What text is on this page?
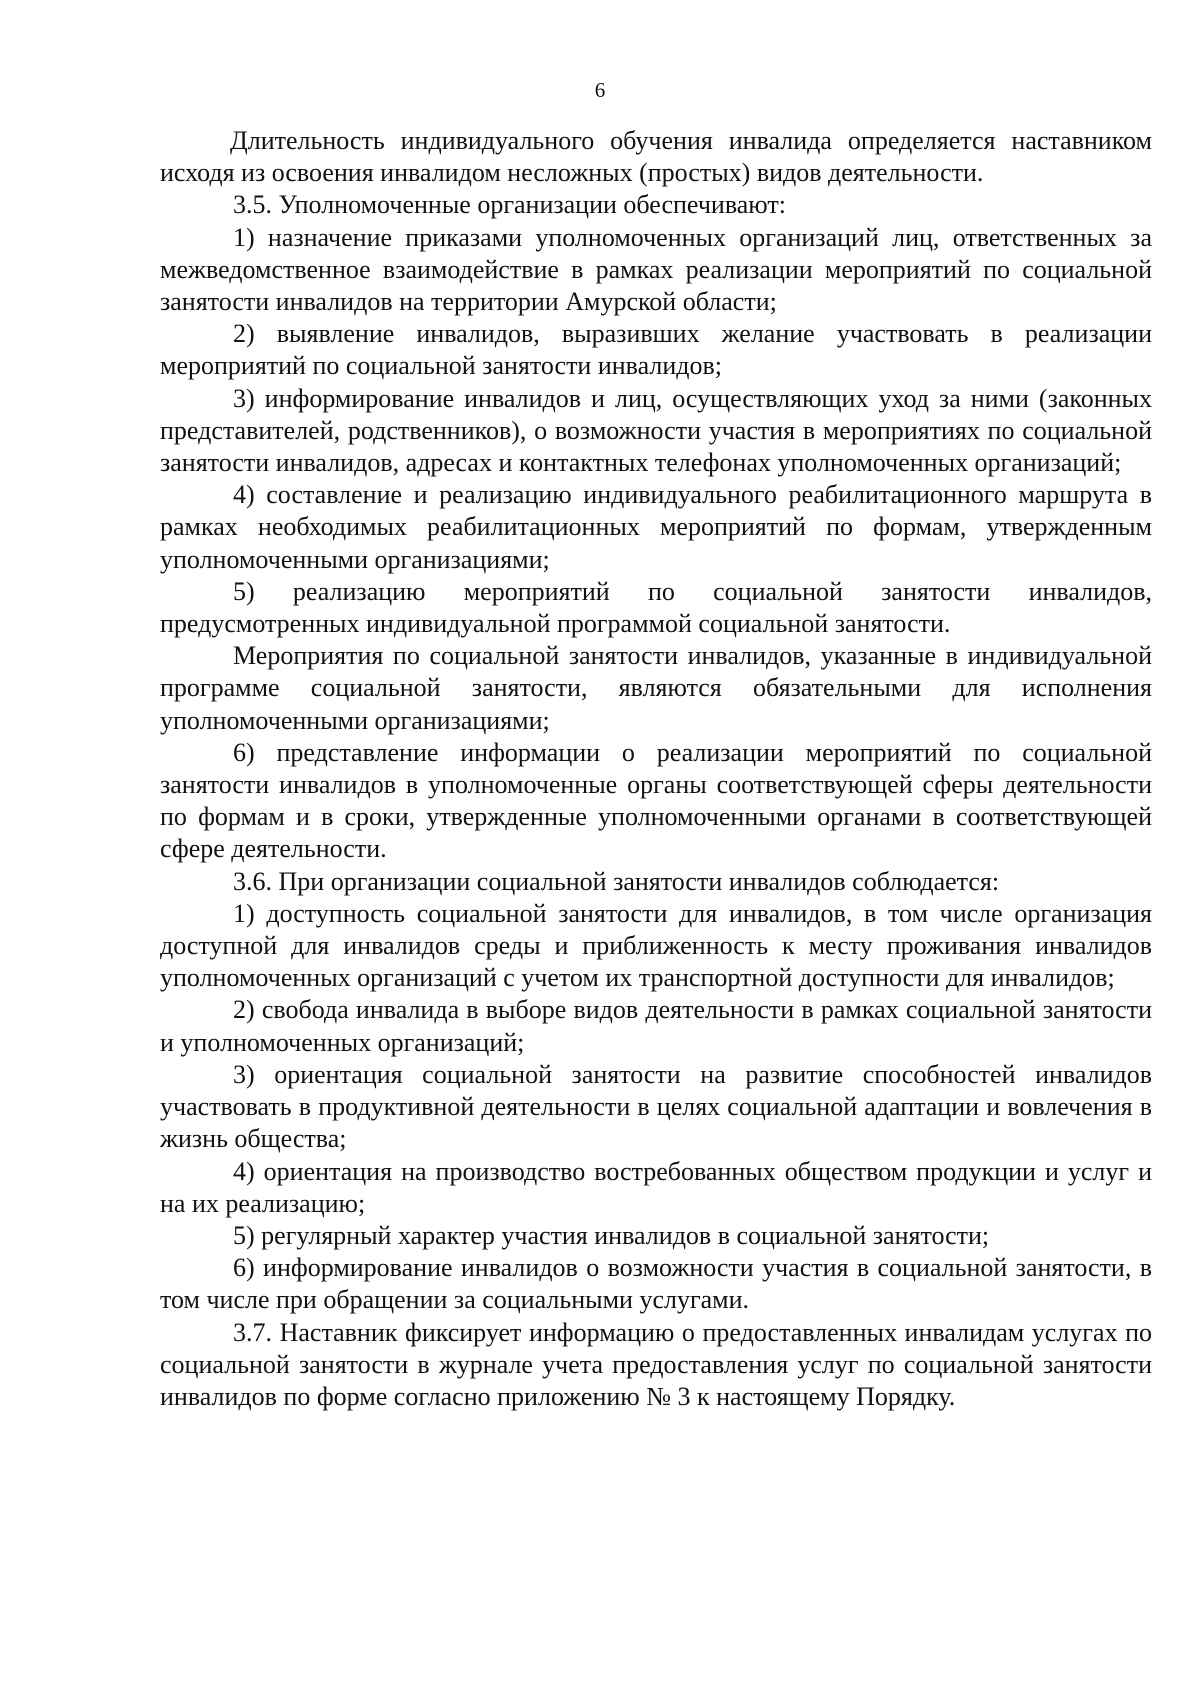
6

Длительность индивидуального обучения инвалида определяется наставником исходя из освоения инвалидом несложных (простых) видов деятельности.

3.5. Уполномоченные организации обеспечивают:

1) назначение приказами уполномоченных организаций лиц, ответственных за межведомственное взаимодействие в рамках реализации мероприятий по социальной занятости инвалидов на территории Амурской области;

2) выявление инвалидов, выразивших желание участвовать в реализации мероприятий по социальной занятости инвалидов;

3) информирование инвалидов и лиц, осуществляющих уход за ними (законных представителей, родственников), о возможности участия в мероприятиях по социальной занятости инвалидов, адресах и контактных телефонах уполномоченных организаций;

4) составление и реализацию индивидуального реабилитационного маршрута в рамках необходимых реабилитационных мероприятий по формам, утвержденным уполномоченными организациями;

5) реализацию мероприятий по социальной занятости инвалидов, предусмотренных индивидуальной программой социальной занятости.

Мероприятия по социальной занятости инвалидов, указанные в индивидуальной программе социальной занятости, являются обязательными для исполнения уполномоченными организациями;

6) представление информации о реализации мероприятий по социальной занятости инвалидов в уполномоченные органы соответствующей сферы деятельности по формам и в сроки, утвержденные уполномоченными органами в соответствующей сфере деятельности.

3.6. При организации социальной занятости инвалидов соблюдается:

1) доступность социальной занятости для инвалидов, в том числе организация доступной для инвалидов среды и приближенность к месту проживания инвалидов уполномоченных организаций с учетом их транспортной доступности для инвалидов;

2) свобода инвалида в выборе видов деятельности в рамках социальной занятости и уполномоченных организаций;

3) ориентация социальной занятости на развитие способностей инвалидов участвовать в продуктивной деятельности в целях социальной адаптации и вовлечения в жизнь общества;

4) ориентация на производство востребованных обществом продукции и услуг и на их реализацию;

5) регулярный характер участия инвалидов в социальной занятости;

6) информирование инвалидов о возможности участия в социальной занятости, в том числе при обращении за социальными услугами.

3.7. Наставник фиксирует информацию о предоставленных инвалидам услугах по социальной занятости в журнале учета предоставления услуг по социальной занятости инвалидов по форме согласно приложению № 3 к настоящему Порядку.
